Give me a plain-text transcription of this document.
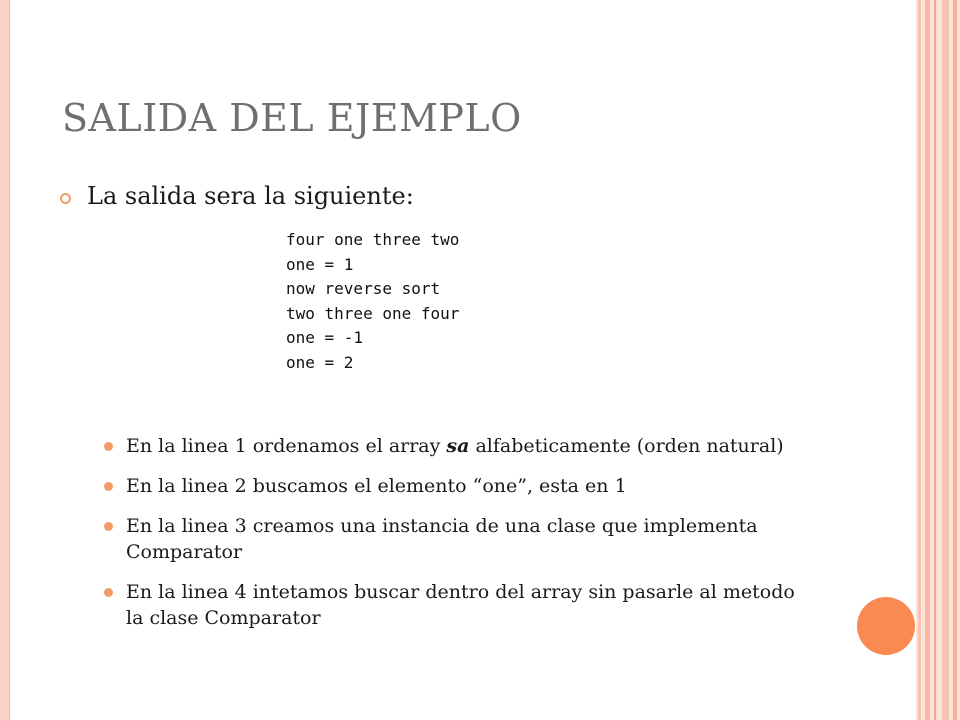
SALIDA DEL EJEMPLO
La salida sera la siguiente:
four one three two
one = 1
now reverse sort
two three one four
one = -1
one = 2
En la linea 1 ordenamos el array sa alfabeticamente (orden natural)
En la linea 2 buscamos el elemento “one”, esta en 1
En la linea 3 creamos una instancia de una clase que implementa Comparator
En la linea 4 intetamos buscar dentro del array sin pasarle al metodo la clase Comparator
